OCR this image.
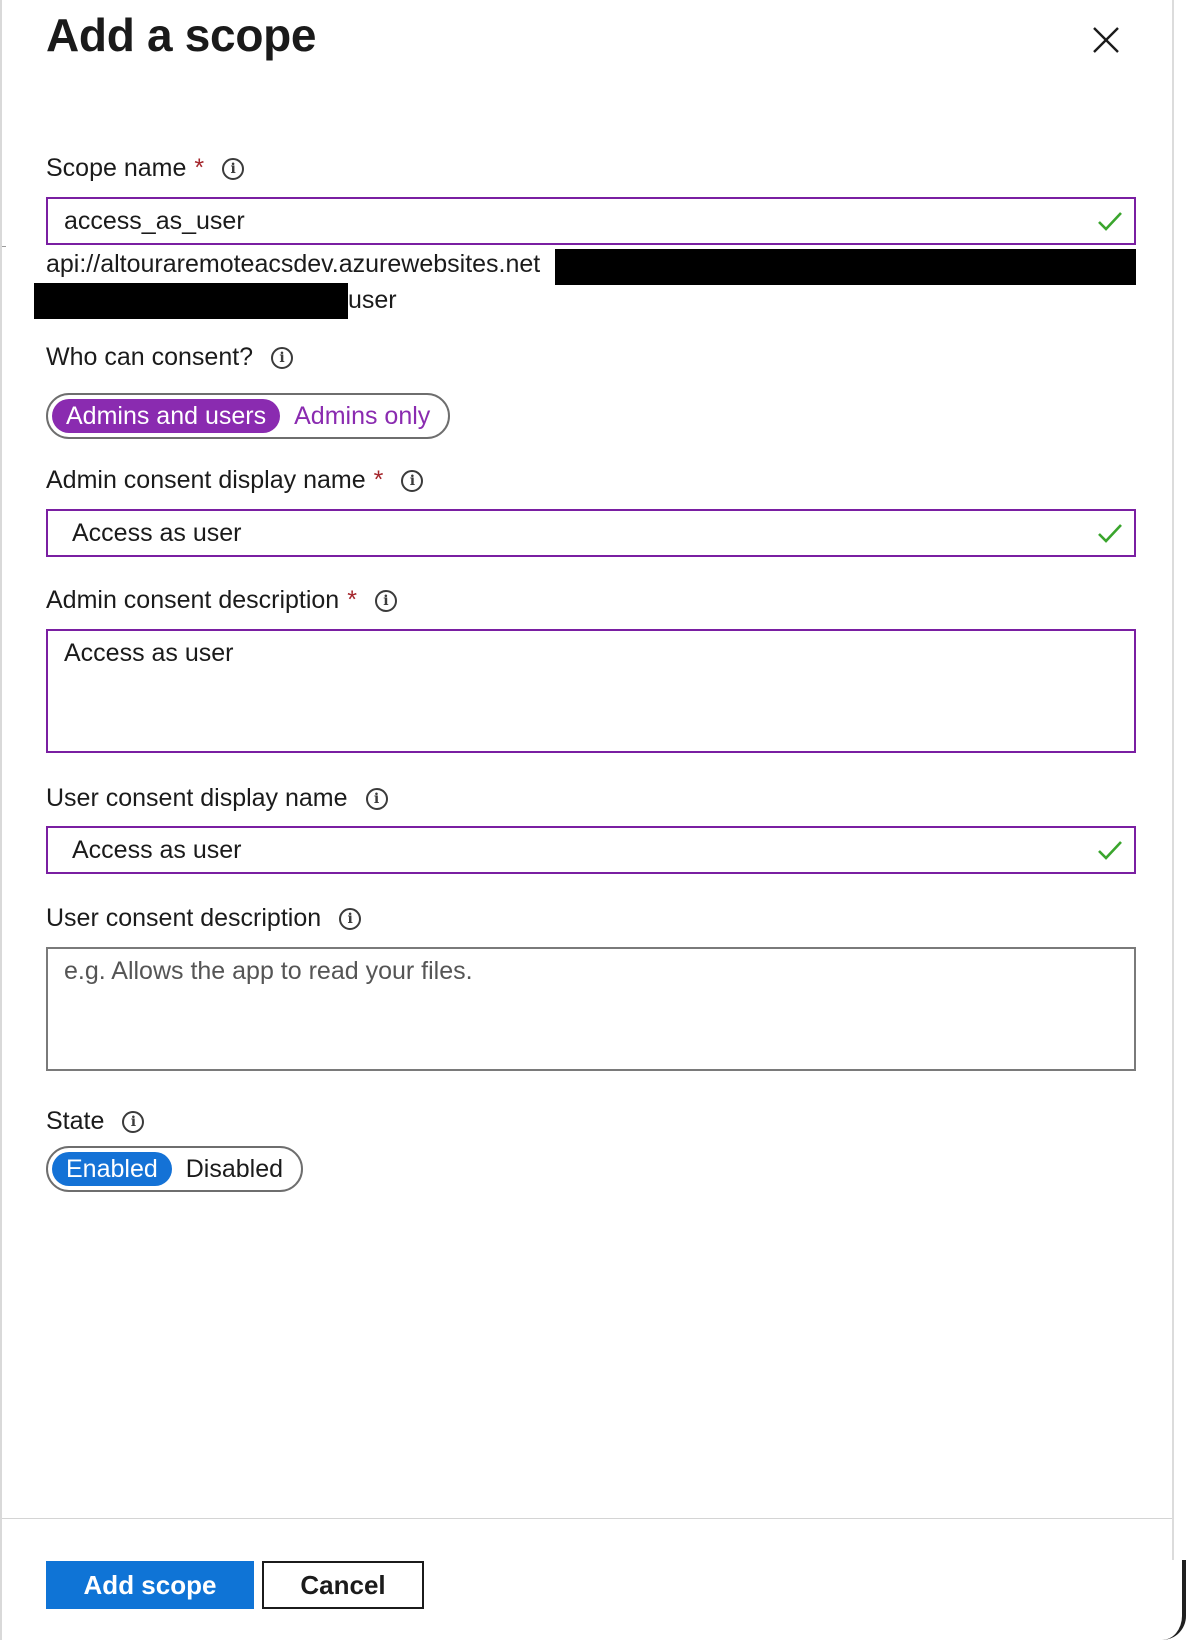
Add a scope
Scope name *	i
access_as_user
api://altouraremoteacsdev.azurewebsites.net
user
Who can consent?	i
Admins and users	Admins only
Admin consent display name *	i
Access as user
Admin consent description *	i
Access as user
User consent display name	i
Access as user
User consent description	i
e.g. Allows the app to read your files.
State	i
Enabled	Disabled
Add scope	Cancel
